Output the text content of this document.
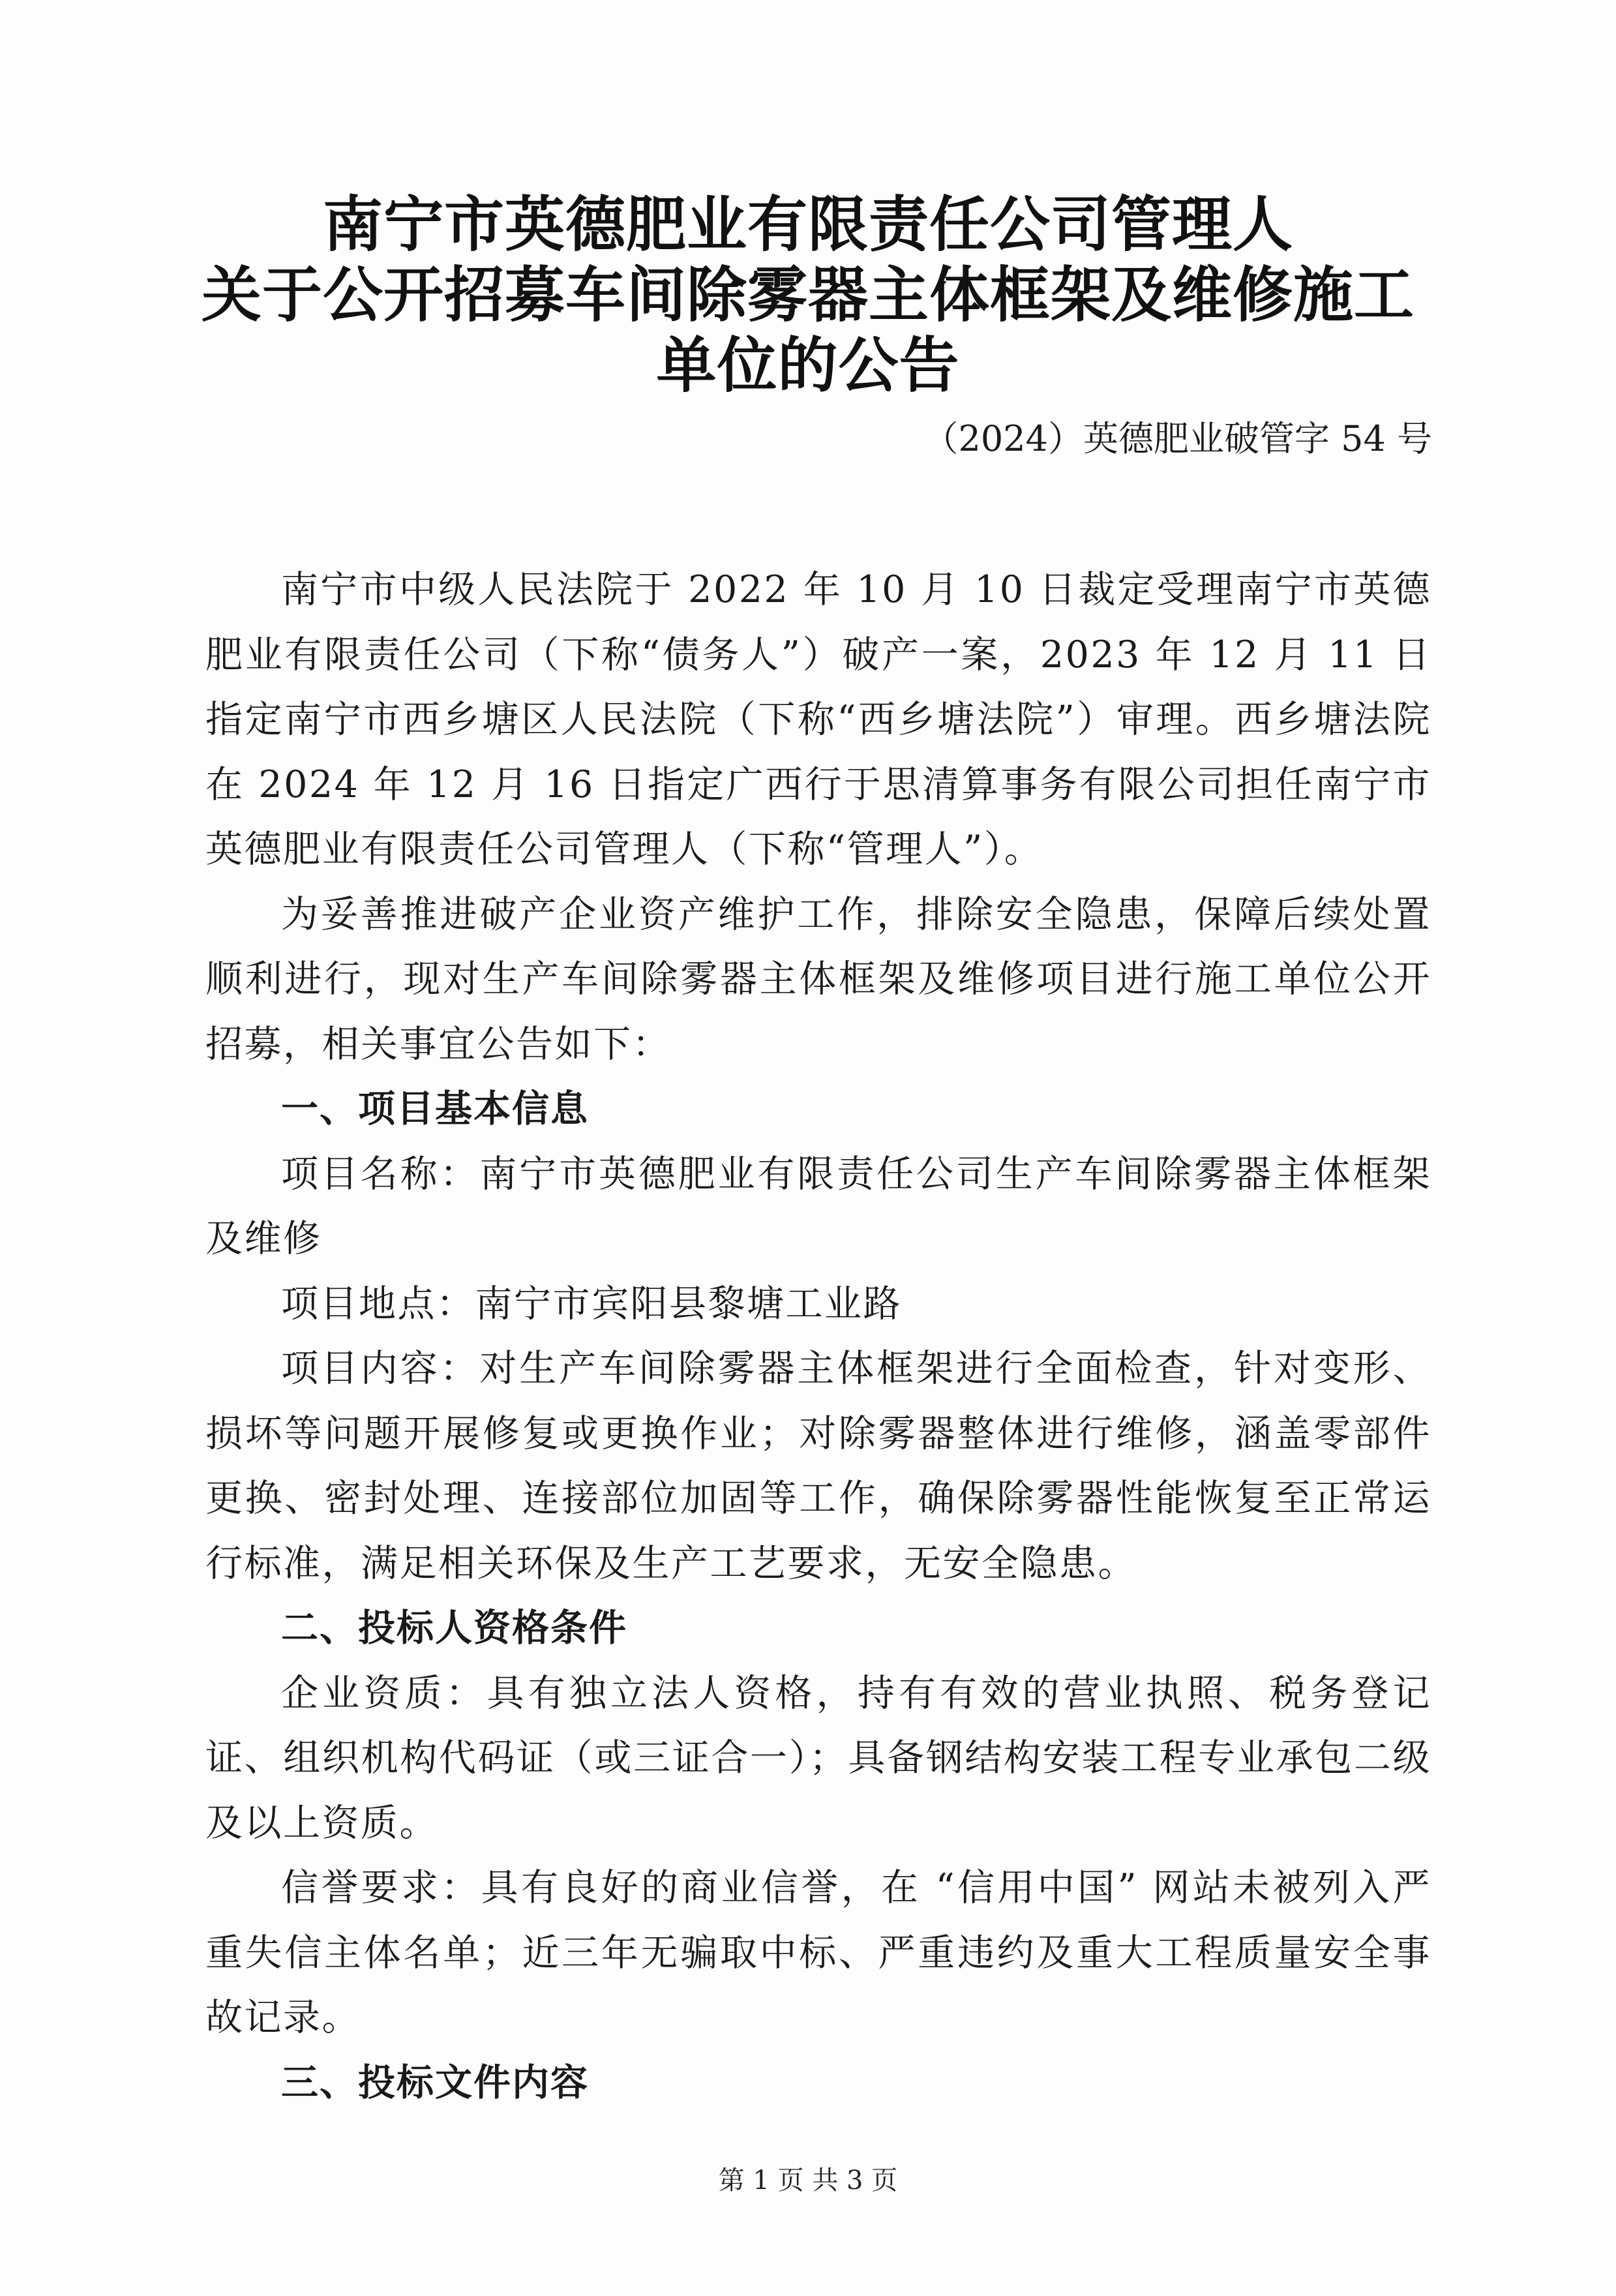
南宁市英德肥业有限责任公司管理人
关于公开招募车间除雾器主体框架及维修施工
单位的公告
（2024）英德肥业破管字 54 号

南宁市中级人民法院于 2022 年 10 月 10 日裁定受理南宁市英德肥业有限责任公司（下称“债务人”）破产一案，2023 年 12 月 11 日指定南宁市西乡塘区人民法院（下称“西乡塘法院”）审理。西乡塘法院在 2024 年 12 月 16 日指定广西行于思清算事务有限公司担任南宁市英德肥业有限责任公司管理人（下称“管理人”）。

为妥善推进破产企业资产维护工作，排除安全隐患，保障后续处置顺利进行，现对生产车间除雾器主体框架及维修项目进行施工单位公开招募，相关事宜公告如下：

一、项目基本信息

项目名称：南宁市英德肥业有限责任公司生产车间除雾器主体框架及维修

项目地点：南宁市宾阳县黎塘工业路

项目内容：对生产车间除雾器主体框架进行全面检查，针对变形、损坏等问题开展修复或更换作业；对除雾器整体进行维修，涵盖零部件更换、密封处理、连接部位加固等工作，确保除雾器性能恢复至正常运行标准，满足相关环保及生产工艺要求，无安全隐患。

二、投标人资格条件

企业资质：具有独立法人资格，持有有效的营业执照、税务登记证、组织机构代码证（或三证合一）；具备钢结构安装工程专业承包二级及以上资质。

信誉要求：具有良好的商业信誉，在 “信用中国” 网站未被列入严重失信主体名单；近三年无骗取中标、严重违约及重大工程质量安全事故记录。

三、投标文件内容

第 1 页 共 3 页
